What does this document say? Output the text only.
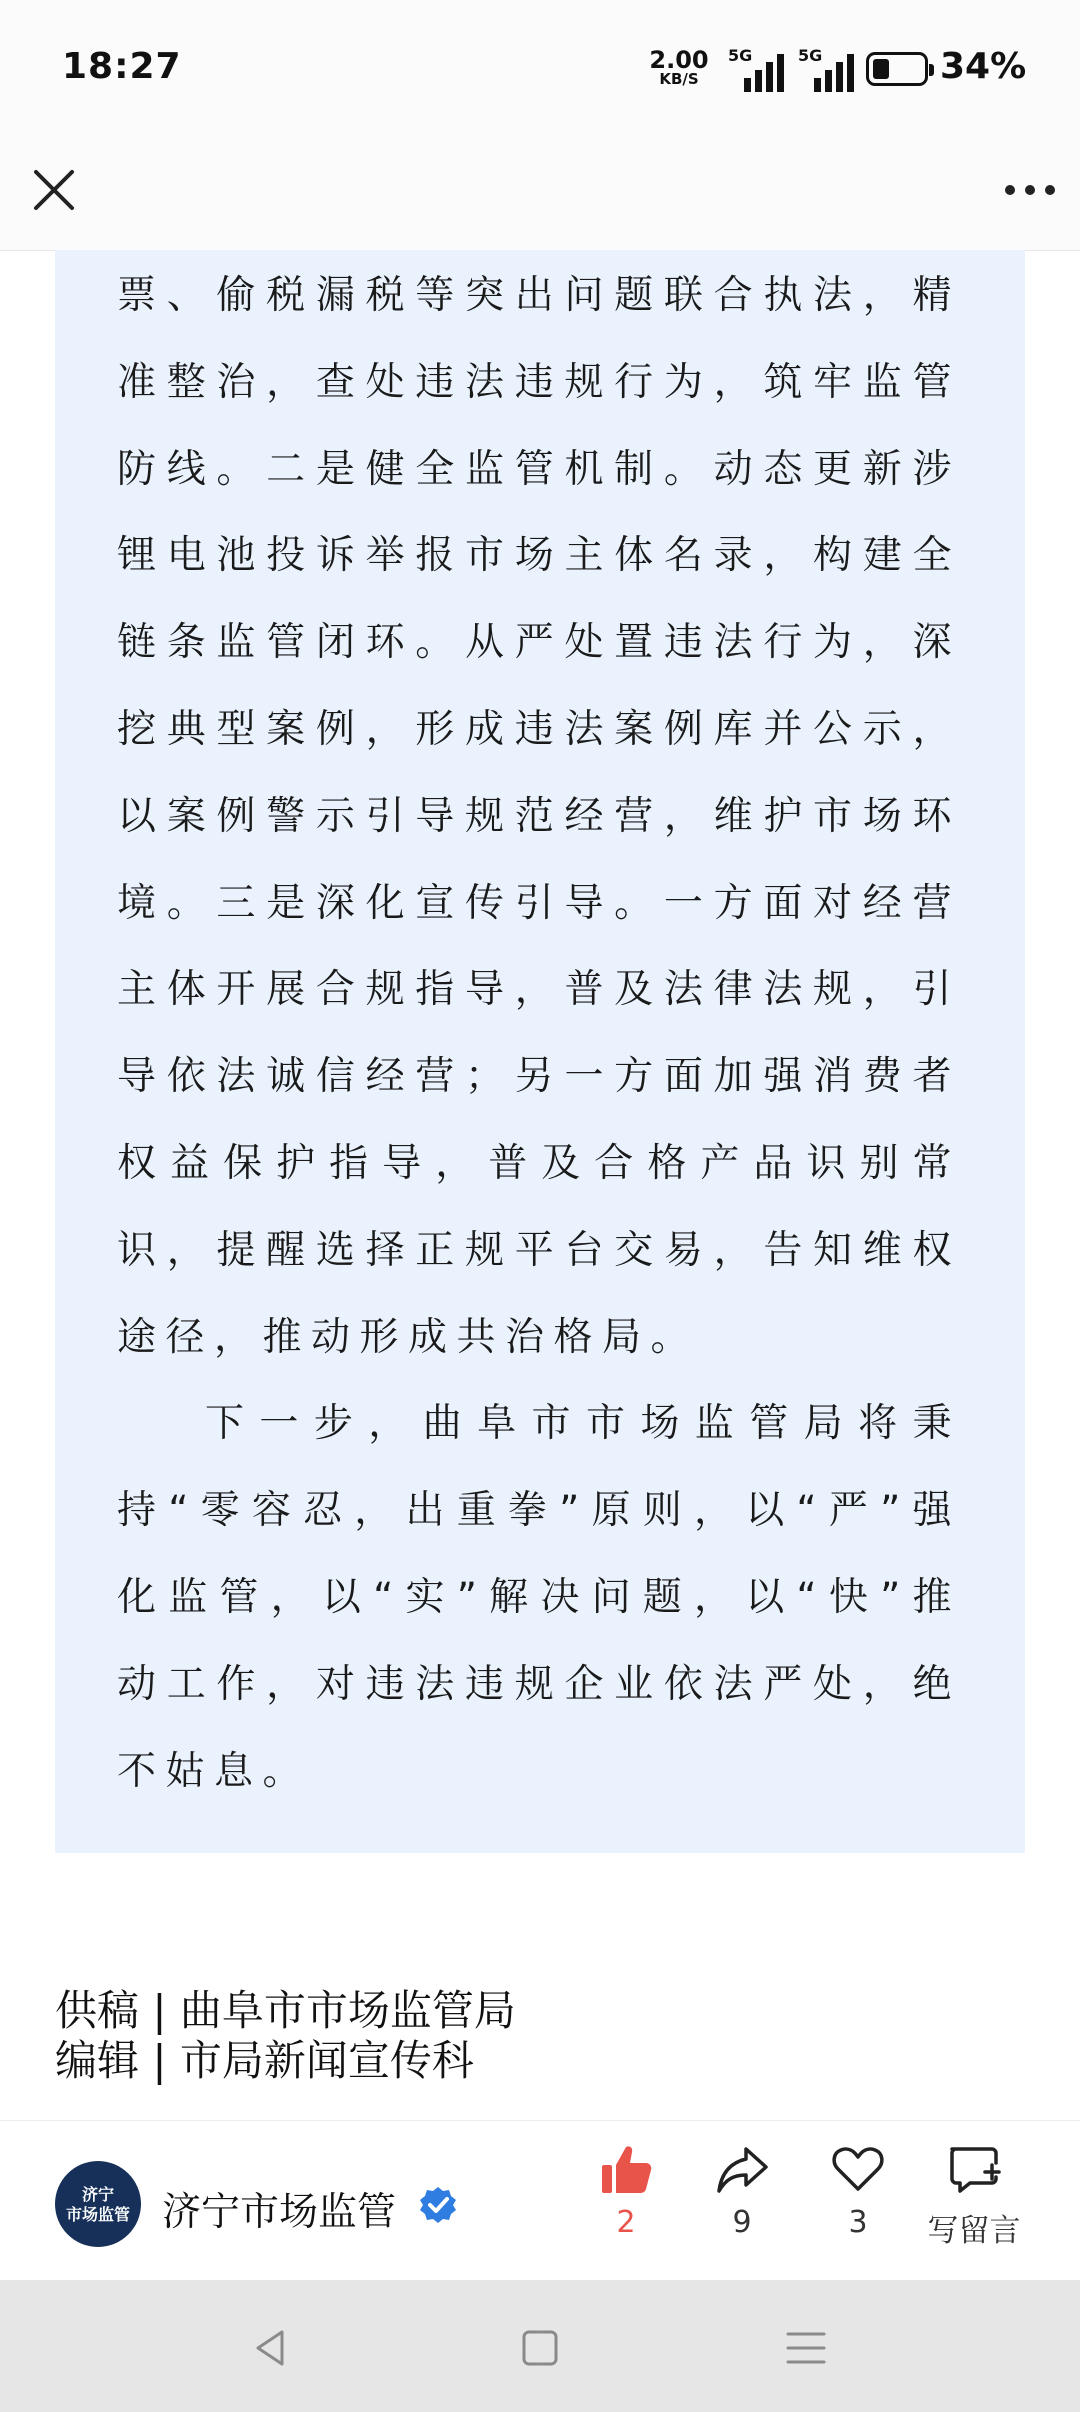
18:27	2.00
KB/S
5G	5G	34%

票、偷税漏税等突出问题联合执法，精准整治，查处违法违规行为，筑牢监管防线。二是健全监管机制。动态更新涉锂电池投诉举报市场主体名录，构建全链条监管闭环。从严处置违法行为，深挖典型案例，形成违法案例库并公示，以案例警示引导规范经营，维护市场环境。三是深化宣传引导。一方面对经营主体开展合规指导，普及法律法规，引导依法诚信经营；另一方面加强消费者权益保护指导，普及合格产品识别常识，提醒选择正规平台交易，告知维权途径，推动形成共治格局。

下一步，曲阜市市场监管局将秉持“零容忍，出重拳”原则，以“严”强化监管，以“实”解决问题，以“快”推动工作，对违法违规企业依法严处，绝不姑息。

供稿 | 曲阜市市场监管局
编辑 | 市局新闻宣传科
济宁
市场监管 济宁市场监管	2	9	3	写留言
